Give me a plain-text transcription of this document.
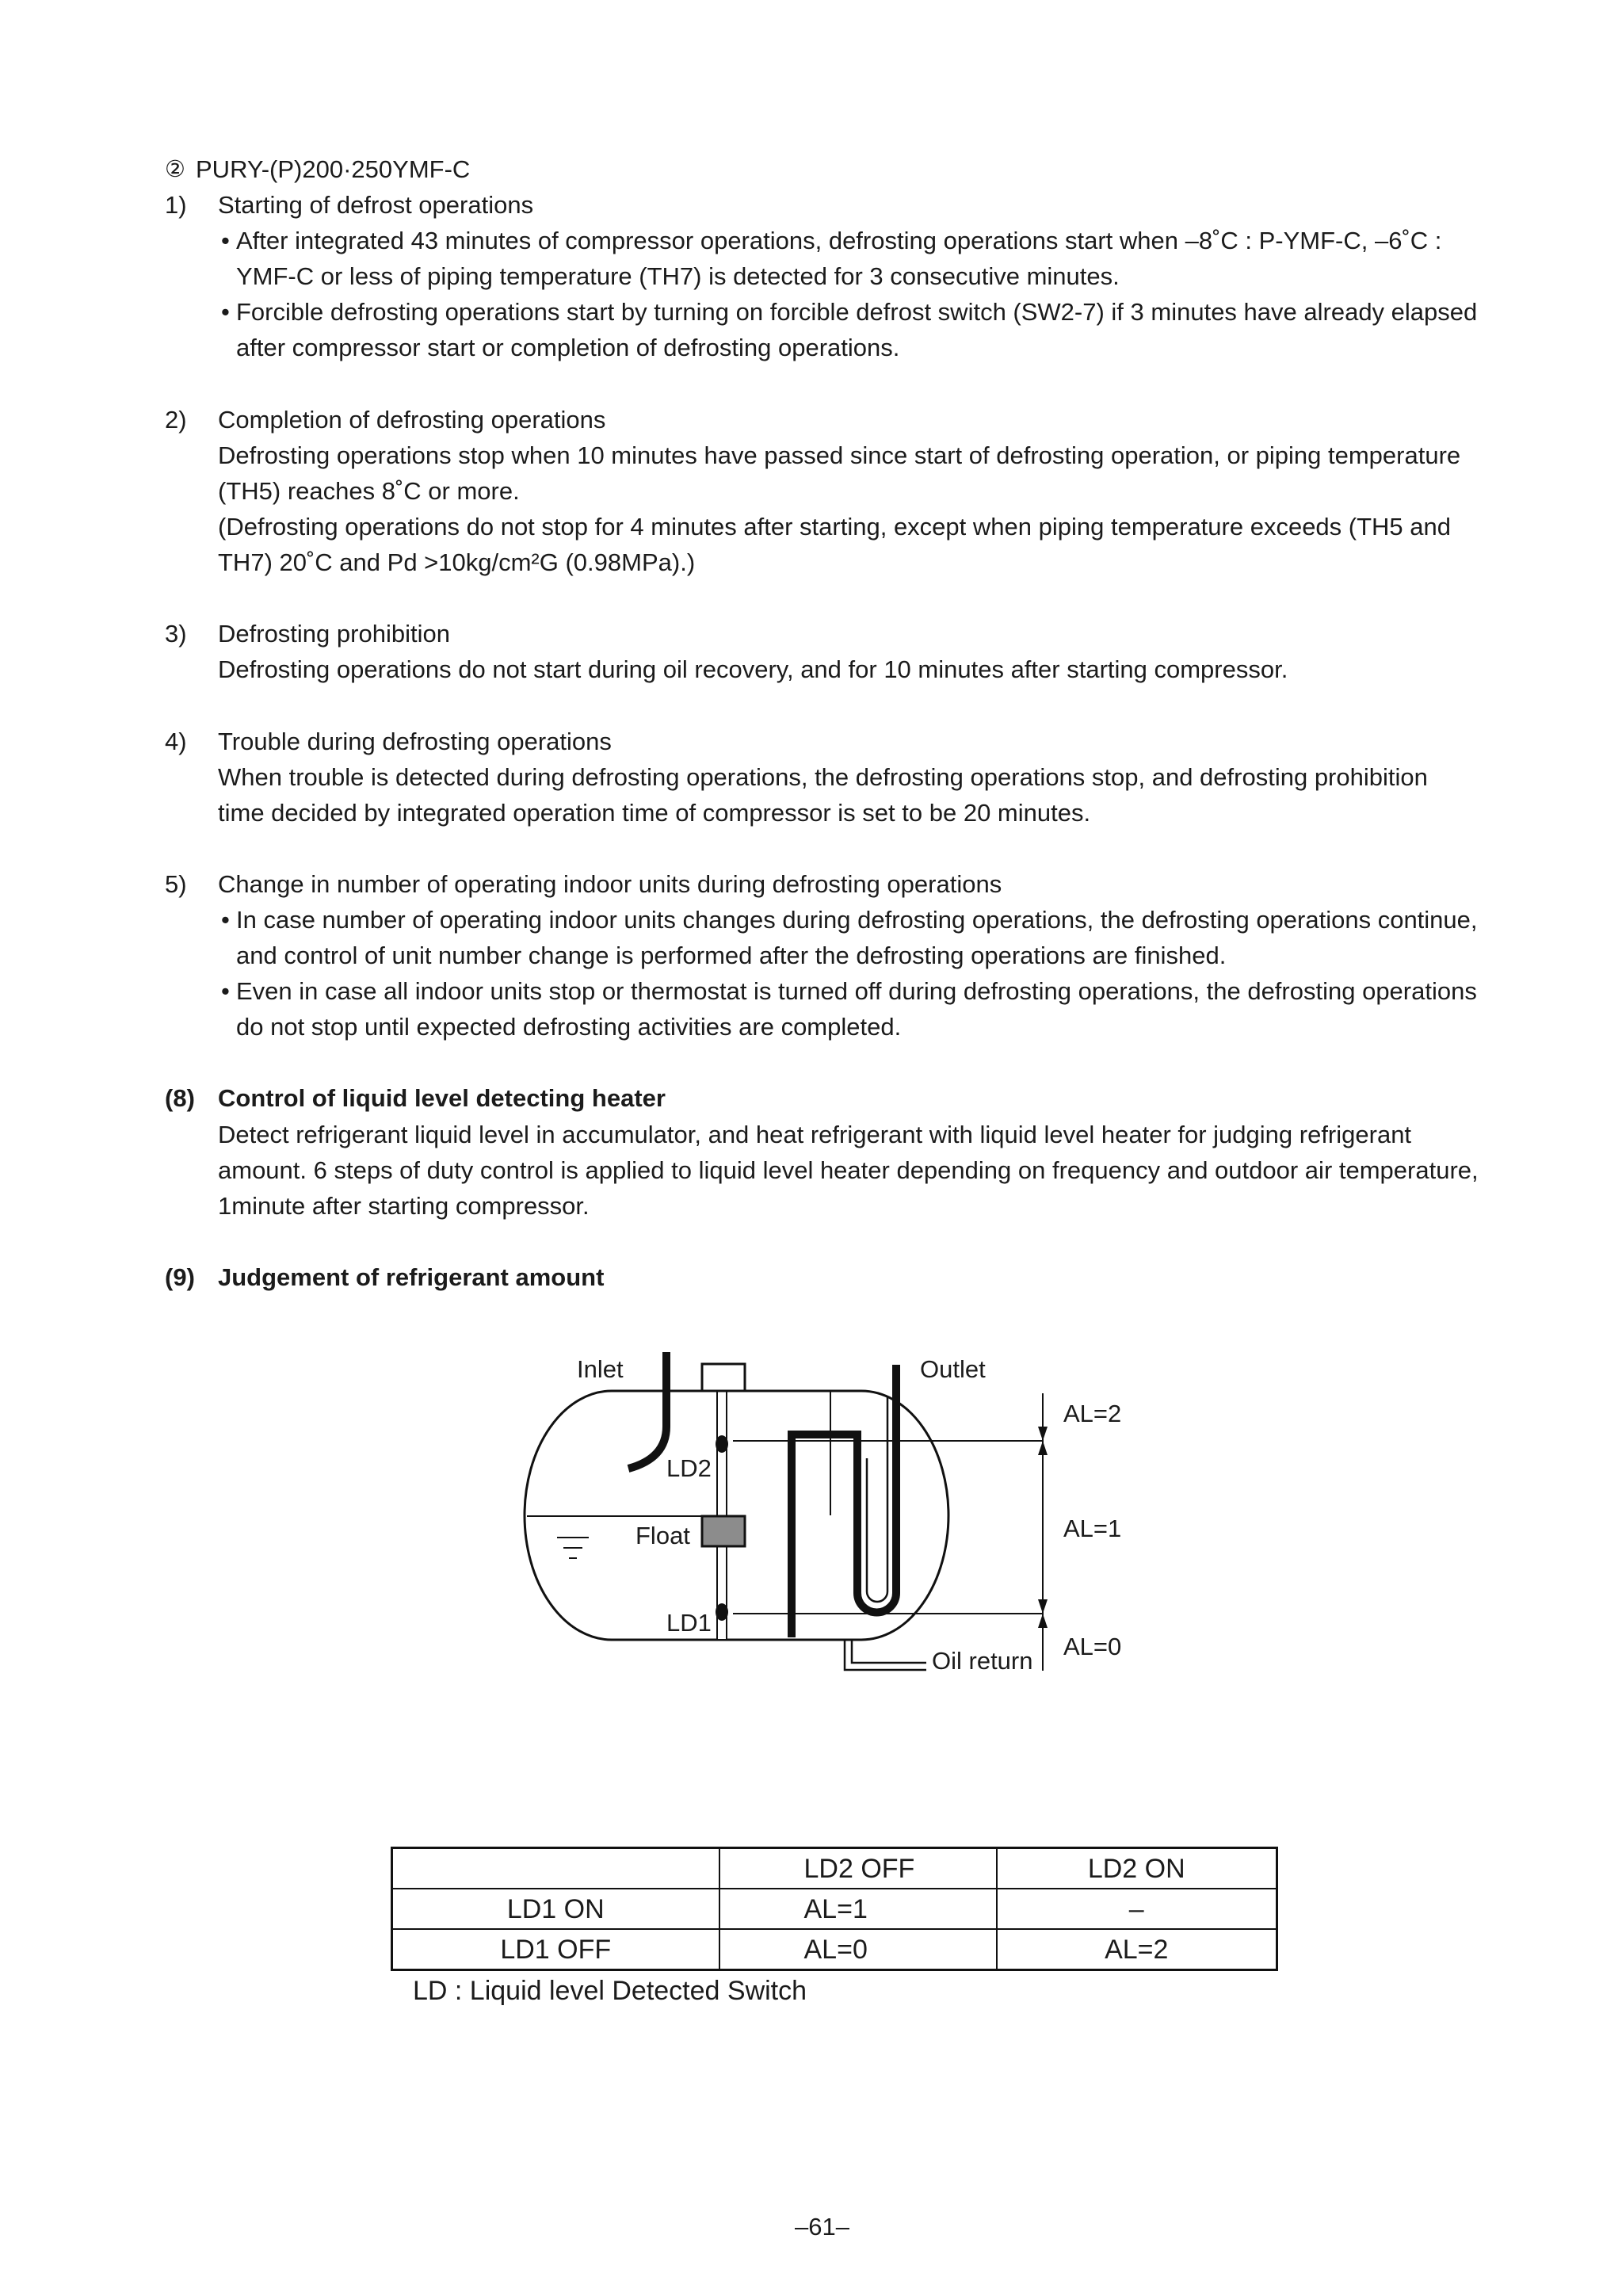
② PURY-(P)200·250YMF-C
1) Starting of defrost operations
• After integrated 43 minutes of compressor operations, defrosting operations start when –8˚C : P-YMF-C, –6˚C :
YMF-C or less of piping temperature (TH7) is detected for 3 consecutive minutes.
• Forcible defrosting operations start by turning on forcible defrost switch (SW2-7) if 3 minutes have already elapsed
after compressor start or completion of defrosting operations.
2) Completion of defrosting operations
Defrosting operations stop when 10 minutes have passed since start of defrosting operation, or piping temperature
(TH5) reaches 8˚C or more.
(Defrosting operations do not stop for 4 minutes after starting, except when piping temperature exceeds (TH5 and
TH7) 20˚C and Pd >10kg/cm²G (0.98MPa).)
3) Defrosting prohibition
Defrosting operations do not start during oil recovery, and for 10 minutes after starting compressor.
4) Trouble during defrosting operations
When trouble is detected during defrosting operations, the defrosting operations stop, and defrosting prohibition
time decided by integrated operation time of compressor is set to be 20 minutes.
5) Change in number of operating indoor units during defrosting operations
• In case number of operating indoor units changes during defrosting operations, the defrosting operations continue,
and control of unit number change is performed after the defrosting operations are finished.
• Even in case all indoor units stop or thermostat is turned off during defrosting operations, the defrosting operations
do not stop until expected defrosting activities are completed.
(8) Control of liquid level detecting heater
Detect refrigerant liquid level in accumulator, and heat refrigerant with liquid level heater for judging refrigerant
amount. 6 steps of duty control is applied to liquid level heater depending on frequency and outdoor air temperature,
1minute after starting compressor.
(9) Judgement of refrigerant amount
Inlet	Outlet
LD2
Float
LD1
Oil return
AL=2
AL=1
AL=0
	LD2 OFF	LD2 ON
LD1 ON	AL=1	–
LD1 OFF	AL=0	AL=2
LD : Liquid level Detected Switch
–61–
